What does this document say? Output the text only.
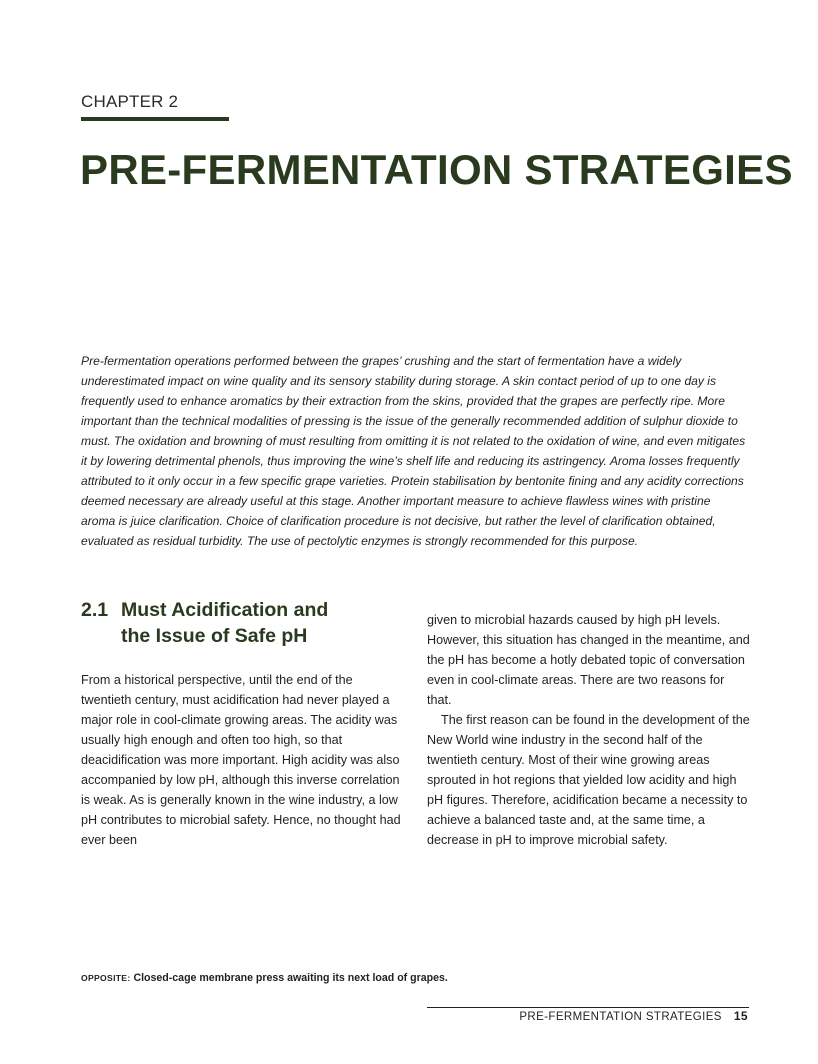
CHAPTER 2
PRE-FERMENTATION STRATEGIES

Pre-fermentation operations performed between the grapes’ crushing and the start of fermentation have a widely underestimated impact on wine quality and its sensory stability during storage. A skin contact period of up to one day is frequently used to enhance aromatics by their extraction from the skins, provided that the grapes are perfectly ripe. More important than the technical modalities of pressing is the issue of the generally recommended addition of sulphur dioxide to must. The oxidation and browning of must resulting from omitting it is not related to the oxidation of wine, and even mitigates it by lowering detrimental phenols, thus improving the wine’s shelf life and reducing its astringency. Aroma losses frequently attributed to it only occur in a few specific grape varieties. Protein stabilisation by bentonite fining and any acidity corrections deemed necessary are already useful at this stage. Another important measure to achieve flawless wines with pristine aroma is juice clarification. Choice of clarification procedure is not decisive, but rather the level of clarification obtained, evaluated as residual turbidity. The use of pectolytic enzymes is strongly recommended for this purpose.

2.1 Must Acidification and
the Issue of Safe pH

From a historical perspective, until the end of the twentieth century, must acidification had never played a major role in cool-climate growing areas. The acidity was usually high enough and often too high, so that deacidification was more important. High acidity was also accompanied by low pH, although this inverse correlation is weak. As is generally known in the wine industry, a low pH contributes to microbial safety. Hence, no thought had ever been

given to microbial hazards caused by high pH levels. However, this situation has changed in the meantime, and the pH has become a hotly debated topic of conversation even in cool-climate areas. There are two reasons for that.

The first reason can be found in the development of the New World wine industry in the second half of the twentieth century. Most of their wine growing areas sprouted in hot regions that yielded low acidity and high pH figures. Therefore, acidification became a necessity to achieve a balanced taste and, at the same time, a decrease in pH to improve microbial safety.

OPPOSITE: Closed-cage membrane press awaiting its next load of grapes.

PRE-FERMENTATION STRATEGIES 15
